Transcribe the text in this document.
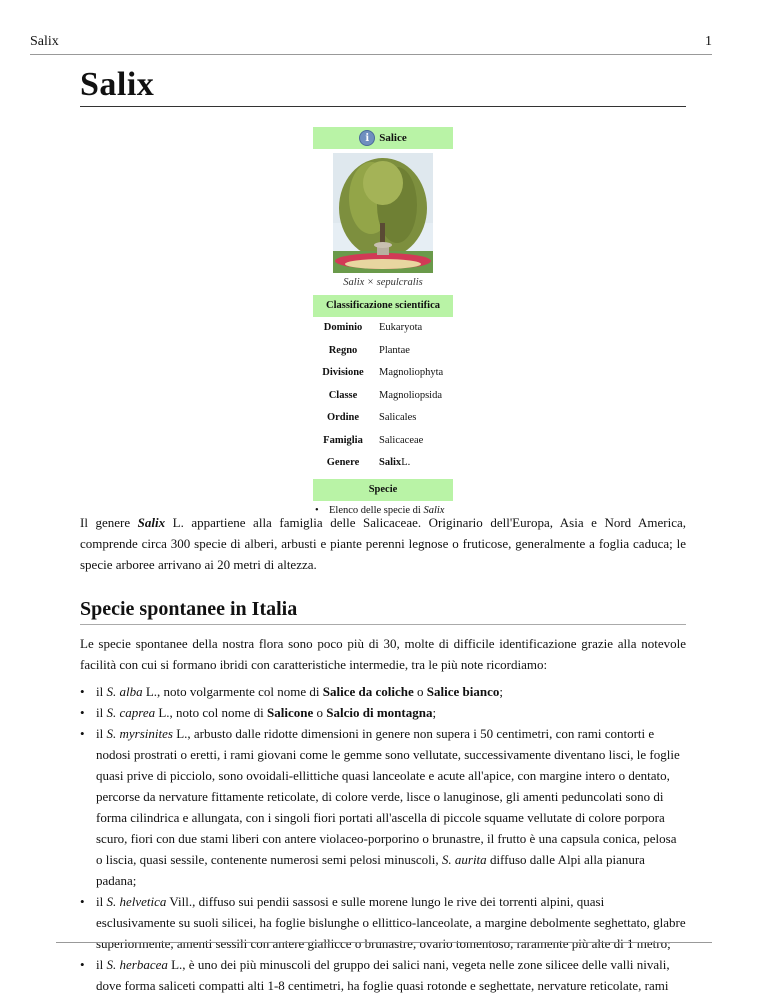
Salix	1
Salix
i Salice
Salix × sepulcralis
Classificazione scientifica
Dominio	Eukaryota
Regno	Plantae
Divisione	Magnoliophyta
Classe	Magnoliopsida
Ordine	Salicales
Famiglia	Salicaceae
Genere	SalixL.
Specie
• Elenco delle specie di Salix

Il genere Salix L. appartiene alla famiglia delle Salicaceae. Originario dell'Europa, Asia e Nord America, comprende circa 300 specie di alberi, arbusti e piante perenni legnose o fruticose, generalmente a foglia caduca; le specie arboree arrivano ai 20 metri di altezza.

Specie spontanee in Italia

Le specie spontanee della nostra flora sono poco più di 30, molte di difficile identificazione grazie alla notevole facilità con cui si formano ibridi con caratteristiche intermedie, tra le più note ricordiamo:

• il S. alba L., noto volgarmente col nome di Salice da coliche o Salice bianco;
• il S. caprea L., noto col nome di Salicone o Salcio di montagna;
• il S. myrsinites L., arbusto dalle ridotte dimensioni in genere non supera i 50 centimetri, con rami contorti e nodosi prostrati o eretti, i rami giovani come le gemme sono vellutate, successivamente diventano lisci, le foglie quasi prive di picciolo, sono ovoidali-ellittiche quasi lanceolate e acute all'apice, con margine intero o dentato, percorse da nervature fittamente reticolate, di colore verde, lisce o lanuginose, gli amenti peduncolati sono di forma cilindrica e allungata, con i singoli fiori portati all'ascella di piccole squame vellutate di colore porpora scuro, fiori con due stami liberi con antere violaceo-porporino o brunastre, il frutto è una capsula conica, pelosa o liscia, quasi sessile, contenente numerosi semi pelosi minuscoli, S. aurita diffuso dalle Alpi alla pianura padana;
• il S. helvetica Vill., diffuso sui pendii sassosi e sulle morene lungo le rive dei torrenti alpini, quasi esclusivamente su suoli silicei, ha foglie bislunghe o ellittico-lanceolate, a margine debolmente seghettato, glabre superiormente, amenti sessili con antere giallicce o brunastre, ovario tomentoso, raramente più alte di 1 metro;
• il S. herbacea L., è uno dei più minuscoli del gruppo dei salici nani, vegeta nelle zone silicee delle valli nivali, dove forma saliceti compatti alti 1-8 centimetri, ha foglie quasi rotonde e seghettate, nervature reticolate, rami
